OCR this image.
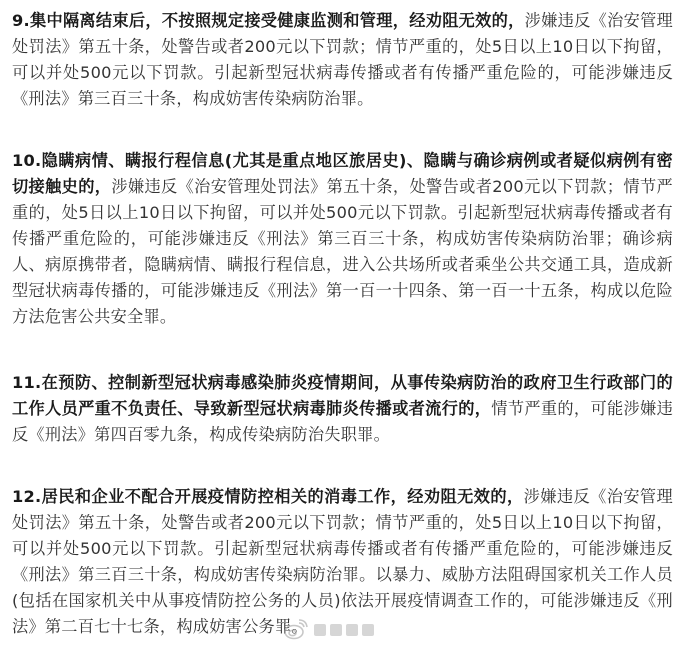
9.集中隔离结束后，不按照规定接受健康监测和管理，经劝阻无效的，涉嫌违反《治安管理处罚法》第五十条，处警告或者200元以下罚款；情节严重的，处5日以上10日以下拘留，可以并处500元以下罚款。引起新型冠状病毒传播或者有传播严重危险的，可能涉嫌违反《刑法》第三百三十条，构成妨害传染病防治罪。

10.隐瞒病情、瞒报行程信息(尤其是重点地区旅居史)、隐瞒与确诊病例或者疑似病例有密切接触史的，涉嫌违反《治安管理处罚法》第五十条，处警告或者200元以下罚款；情节严重的，处5日以上10日以下拘留，可以并处500元以下罚款。引起新型冠状病毒传播或者有传播严重危险的，可能涉嫌违反《刑法》第三百三十条，构成妨害传染病防治罪；确诊病人、病原携带者，隐瞒病情、瞒报行程信息，进入公共场所或者乘坐公共交通工具，造成新型冠状病毒传播的，可能涉嫌违反《刑法》第一百一十四条、第一百一十五条，构成以危险方法危害公共安全罪。

11.在预防、控制新型冠状病毒感染肺炎疫情期间，从事传染病防治的政府卫生行政部门的工作人员严重不负责任、导致新型冠状病毒肺炎传播或者流行的，情节严重的，可能涉嫌违反《刑法》第四百零九条，构成传染病防治失职罪。

12.居民和企业不配合开展疫情防控相关的消毒工作，经劝阻无效的，涉嫌违反《治安管理处罚法》第五十条，处警告或者200元以下罚款；情节严重的，处5日以上10日以下拘留，可以并处500元以下罚款。引起新型冠状病毒传播或者有传播严重危险的，可能涉嫌违反《刑法》第三百三十条，构成妨害传染病防治罪。以暴力、威胁方法阻碍国家机关工作人员(包括在国家机关中从事疫情防控公务的人员)依法开展疫情调查工作的，可能涉嫌违反《刑法》第二百七十七条，构成妨害公务罪。
